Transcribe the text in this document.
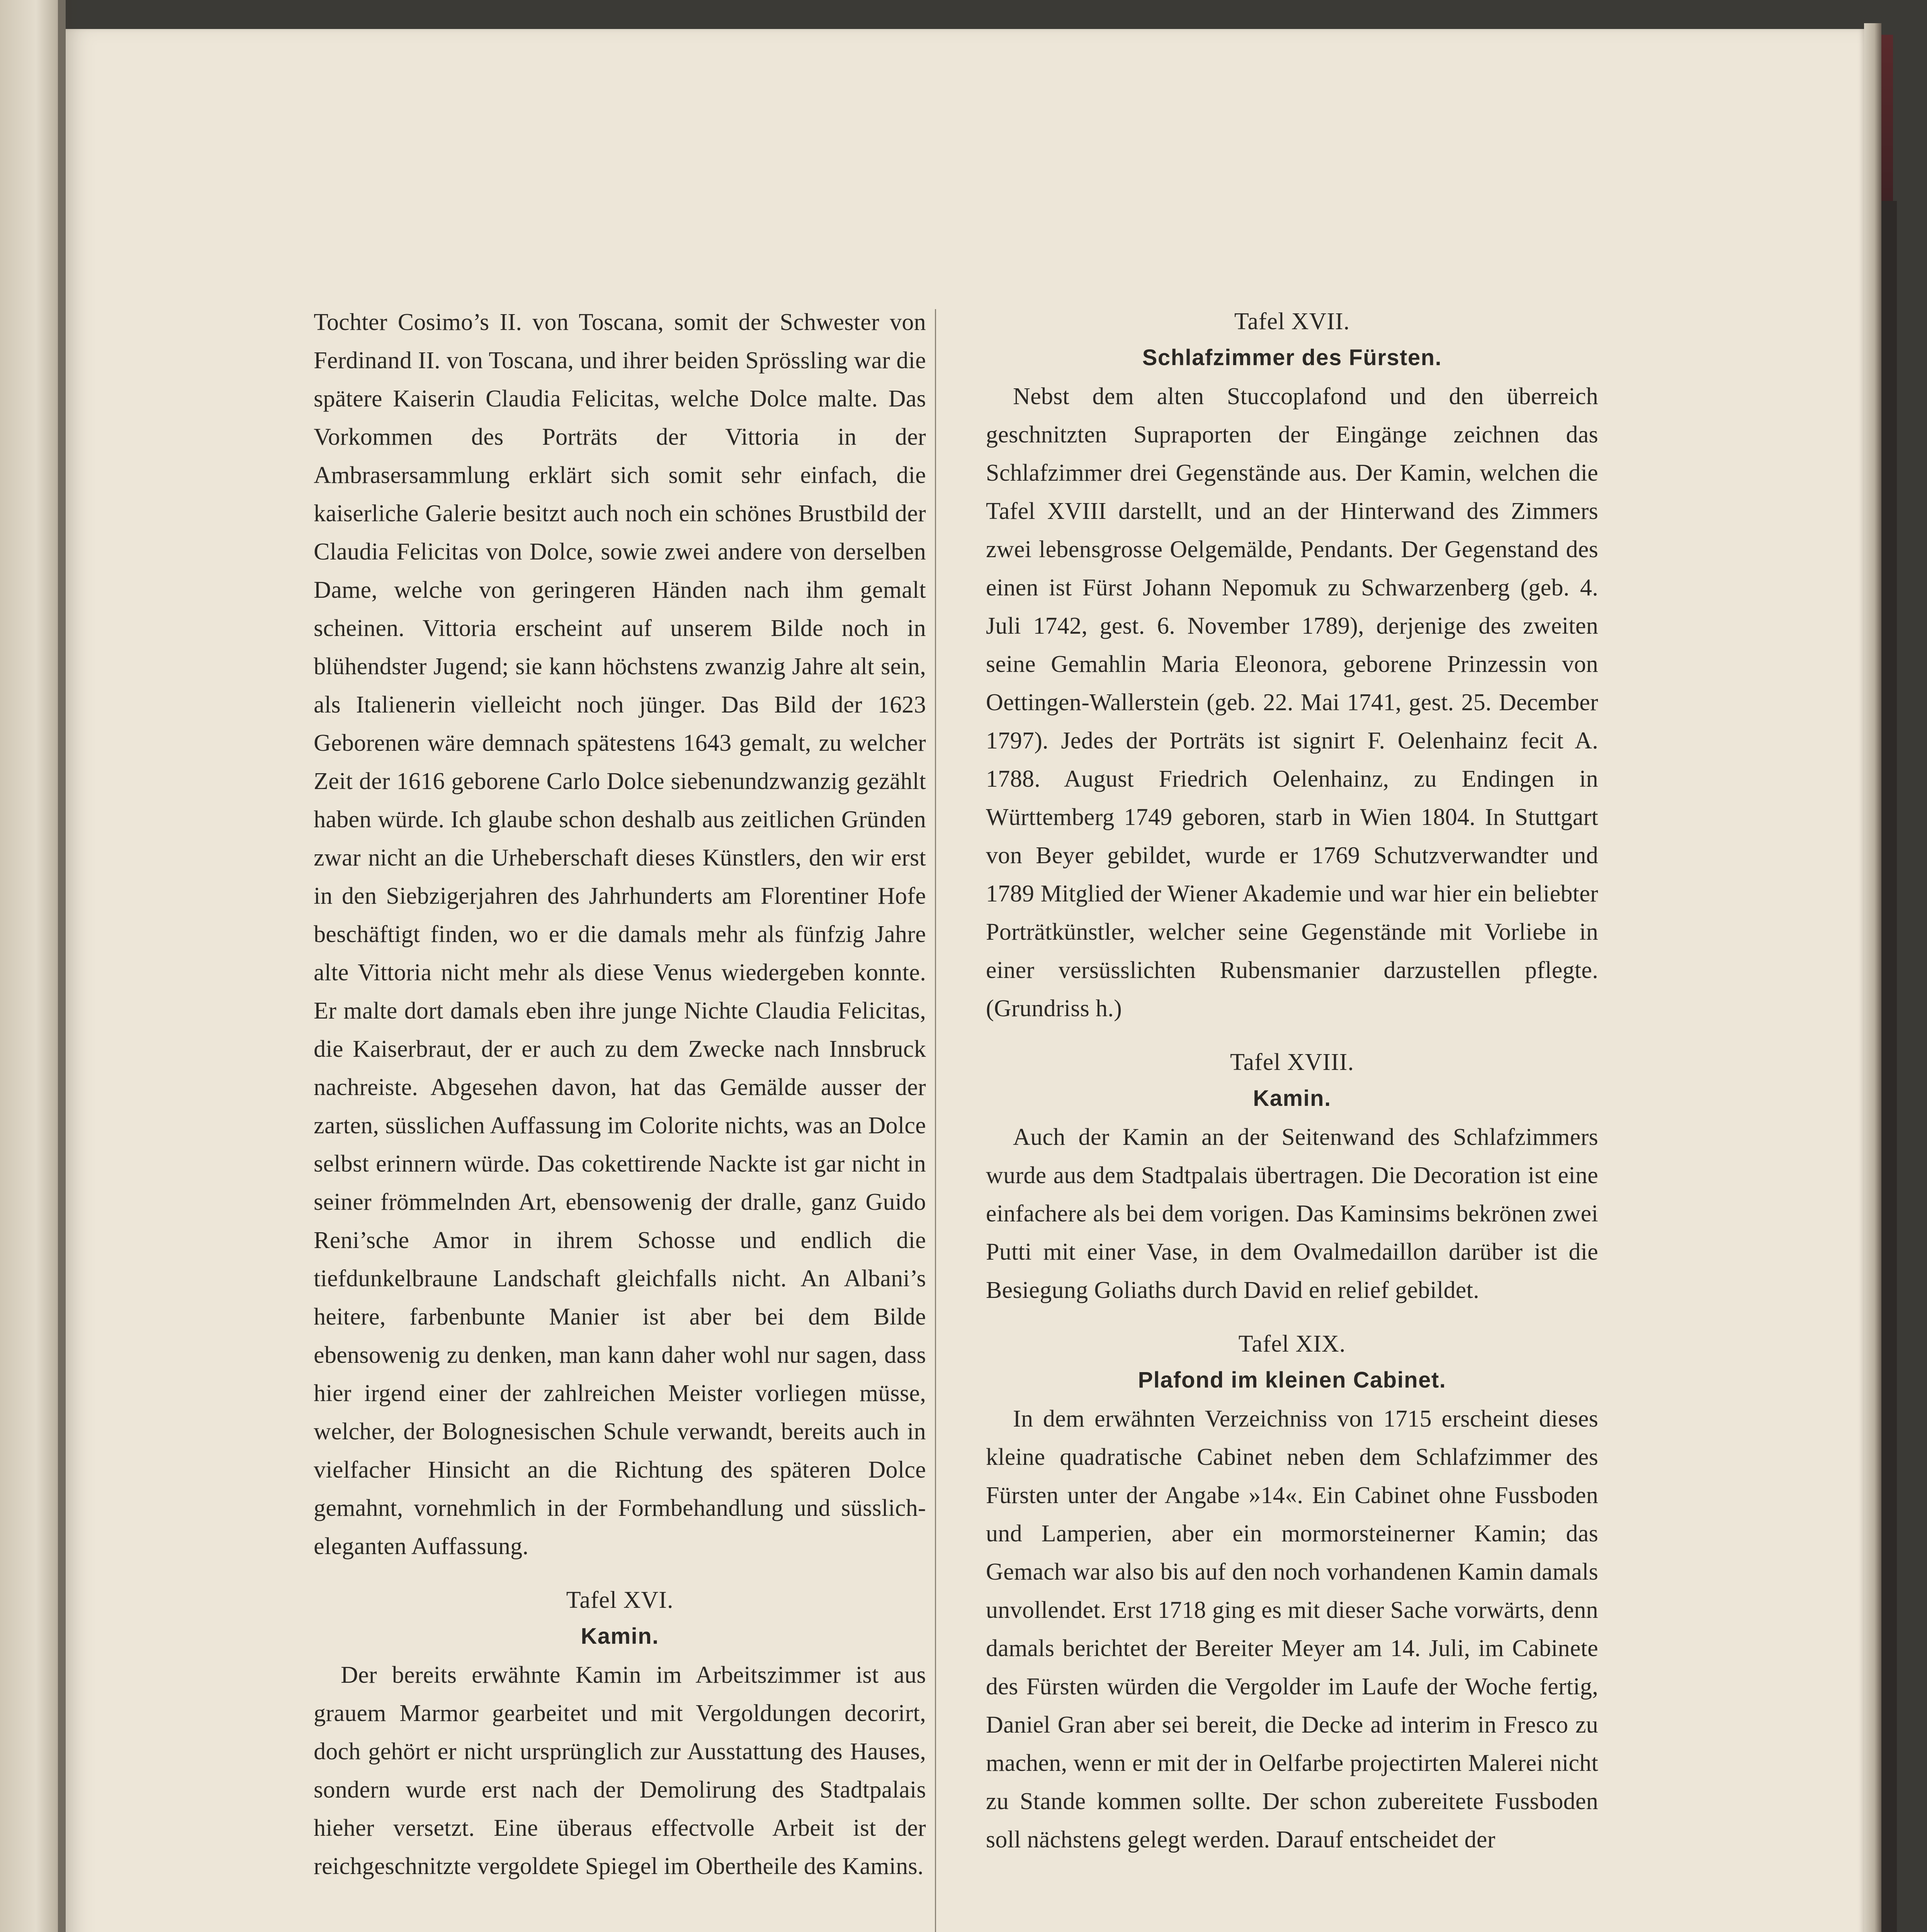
Tochter Cosimo’s II. von Toscana, somit der Schwester von Ferdinand II. von Toscana, und ihrer beiden Sprössling war die spätere Kaiserin Claudia Felicitas, welche Dolce malte. Das Vorkommen des Porträts der Vittoria in der Ambrasersammlung erklärt sich somit sehr einfach, die kaiserliche Galerie besitzt auch noch ein schönes Brustbild der Claudia Felicitas von Dolce, sowie zwei andere von derselben Dame, welche von geringeren Händen nach ihm gemalt scheinen. Vittoria erscheint auf unserem Bilde noch in blühendster Jugend; sie kann höchstens zwanzig Jahre alt sein, als Italienerin vielleicht noch jünger. Das Bild der 1623 Geborenen wäre demnach spätestens 1643 gemalt, zu welcher Zeit der 1616 geborene Carlo Dolce siebenundzwanzig gezählt haben würde. Ich glaube schon deshalb aus zeitlichen Gründen zwar nicht an die Urheberschaft dieses Künstlers, den wir erst in den Siebzigerjahren des Jahrhunderts am Florentiner Hofe beschäftigt finden, wo er die damals mehr als fünfzig Jahre alte Vittoria nicht mehr als diese Venus wiedergeben konnte. Er malte dort damals eben ihre junge Nichte Claudia Felicitas, die Kaiserbraut, der er auch zu dem Zwecke nach Innsbruck nachreiste. Abgesehen davon, hat das Gemälde ausser der zarten, süsslichen Auffassung im Colorite nichts, was an Dolce selbst erinnern würde. Das cokettirende Nackte ist gar nicht in seiner frömmelnden Art, ebensowenig der dralle, ganz Guido Reni’sche Amor in ihrem Schosse und endlich die tiefdunkelbraune Landschaft gleichfalls nicht. An Albani’s heitere, farbenbunte Manier ist aber bei dem Bilde ebensowenig zu denken, man kann daher wohl nur sagen, dass hier irgend einer der zahlreichen Meister vorliegen müsse, welcher, der Bolognesischen Schule verwandt, bereits auch in vielfacher Hinsicht an die Richtung des späteren Dolce gemahnt, vornehmlich in der Formbehandlung und süsslich-eleganten Auffassung.

Tafel XVI.
Kamin.

Der bereits erwähnte Kamin im Arbeitszimmer ist aus grauem Marmor gearbeitet und mit Vergoldungen decorirt, doch gehört er nicht ursprünglich zur Ausstattung des Hauses, sondern wurde erst nach der Demolirung des Stadtpalais hieher versetzt. Eine überaus effectvolle Arbeit ist der reichgeschnitzte vergoldete Spiegel im Obertheile des Kamins.

Tafel XVII.
Schlafzimmer des Fürsten.

Nebst dem alten Stuccoplafond und den überreich geschnitzten Supraporten der Eingänge zeichnen das Schlafzimmer drei Gegenstände aus. Der Kamin, welchen die Tafel XVIII darstellt, und an der Hinterwand des Zimmers zwei lebensgrosse Oelgemälde, Pendants. Der Gegenstand des einen ist Fürst Johann Nepomuk zu Schwarzenberg (geb. 4. Juli 1742, gest. 6. November 1789), derjenige des zweiten seine Gemahlin Maria Eleonora, geborene Prinzessin von Oettingen-Wallerstein (geb. 22. Mai 1741, gest. 25. December 1797). Jedes der Porträts ist signirt F. Oelenhainz fecit A. 1788. August Friedrich Oelenhainz, zu Endingen in Württemberg 1749 geboren, starb in Wien 1804. In Stuttgart von Beyer gebildet, wurde er 1769 Schutzverwandter und 1789 Mitglied der Wiener Akademie und war hier ein beliebter Porträtkünstler, welcher seine Gegenstände mit Vorliebe in einer versüsslichten Rubensmanier darzustellen pflegte. (Grundriss h.)

Tafel XVIII.
Kamin.

Auch der Kamin an der Seitenwand des Schlafzimmers wurde aus dem Stadtpalais übertragen. Die Decoration ist eine einfachere als bei dem vorigen. Das Kaminsims bekrönen zwei Putti mit einer Vase, in dem Ovalmedaillon darüber ist die Besiegung Goliaths durch David en relief gebildet.

Tafel XIX.
Plafond im kleinen Cabinet.

In dem erwähnten Verzeichniss von 1715 erscheint dieses kleine quadratische Cabinet neben dem Schlafzimmer des Fürsten unter der Angabe »14«. Ein Cabinet ohne Fussboden und Lamperien, aber ein mormorsteinerner Kamin; das Gemach war also bis auf den noch vorhandenen Kamin damals unvollendet. Erst 1718 ging es mit dieser Sache vorwärts, denn damals berichtet der Bereiter Meyer am 14. Juli, im Cabinete des Fürsten würden die Vergolder im Laufe der Woche fertig, Daniel Gran aber sei bereit, die Decke ad interim in Fresco zu machen, wenn er mit der in Oelfarbe projectirten Malerei nicht zu Stande kommen sollte. Der schon zubereitete Fussboden soll nächstens gelegt werden. Darauf entscheidet der
